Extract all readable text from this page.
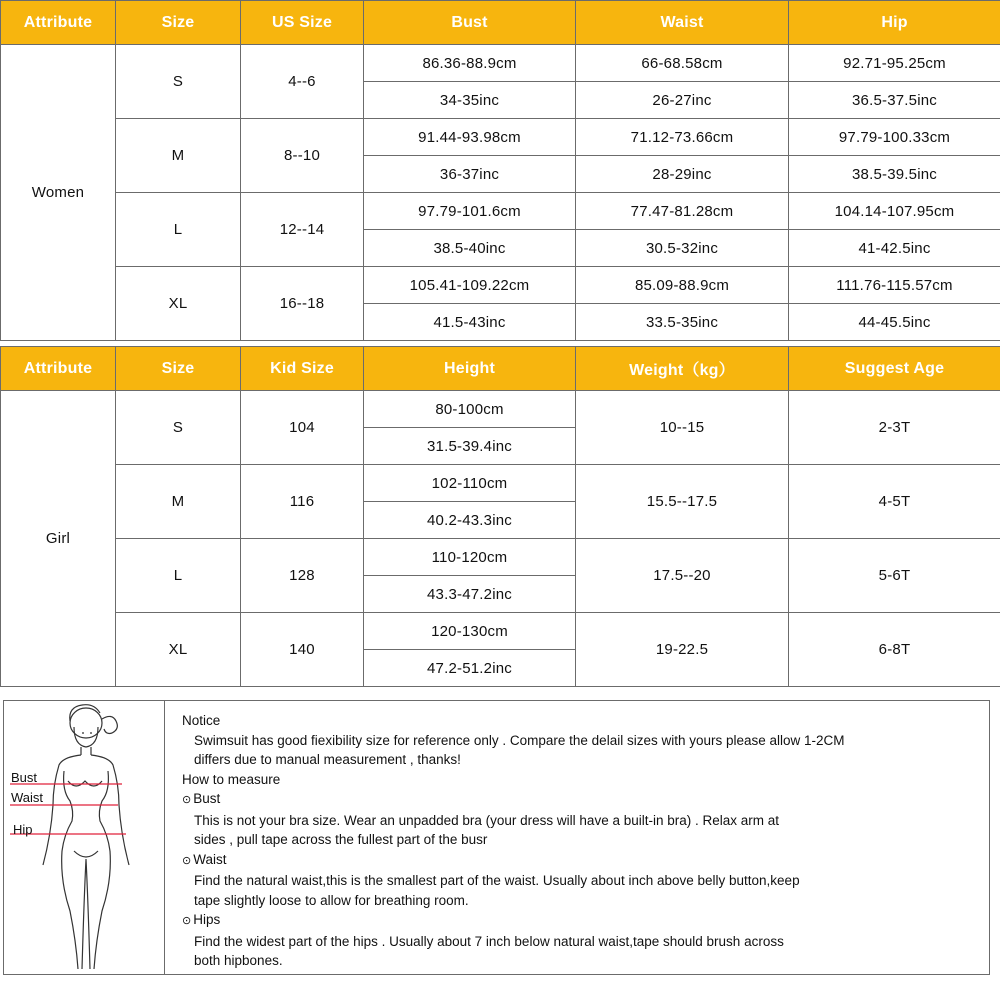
Attribute	Size	US Size	Bust	Waist	Hip
Women	S	4--6	86.36-88.9cm	66-68.58cm	92.71-95.25cm
			34-35inc	26-27inc	36.5-37.5inc
	M	8--10	91.44-93.98cm	71.12-73.66cm	97.79-100.33cm
			36-37inc	28-29inc	38.5-39.5inc
	L	12--14	97.79-101.6cm	77.47-81.28cm	104.14-107.95cm
			38.5-40inc	30.5-32inc	41-42.5inc
	XL	16--18	105.41-109.22cm	85.09-88.9cm	111.76-115.57cm
			41.5-43inc	33.5-35inc	44-45.5inc
Attribute	Size	Kid Size	Height	Weight（kg）	Suggest Age
Girl	S	104	80-100cm	10--15	2-3T
			31.5-39.4inc		
	M	116	102-110cm	15.5--17.5	4-5T
			40.2-43.3inc		
	L	128	110-120cm	17.5--20	5-6T
			43.3-47.2inc		
	XL	140	120-130cm	19-22.5	6-8T
			47.2-51.2inc		
Bust
Waist
Hip
Notice
Swimsuit has good fiexibility size for reference only . Compare the delail sizes with yours please allow 1-2CM
differs due to manual measurement , thanks!
How to measure
⊙ Bust
This is not your bra size. Wear an unpadded bra (your dress will have a built-in bra) . Relax arm at
sides , pull tape across the fullest part of the busr
⊙ Waist
Find the natural waist,this is the smallest part of the waist. Usually about inch above belly button,keep
tape slightly loose to allow for breathing room.
⊙ Hips
Find the widest part of the hips . Usually about 7 inch below natural waist,tape should brush across
both hipbones.
